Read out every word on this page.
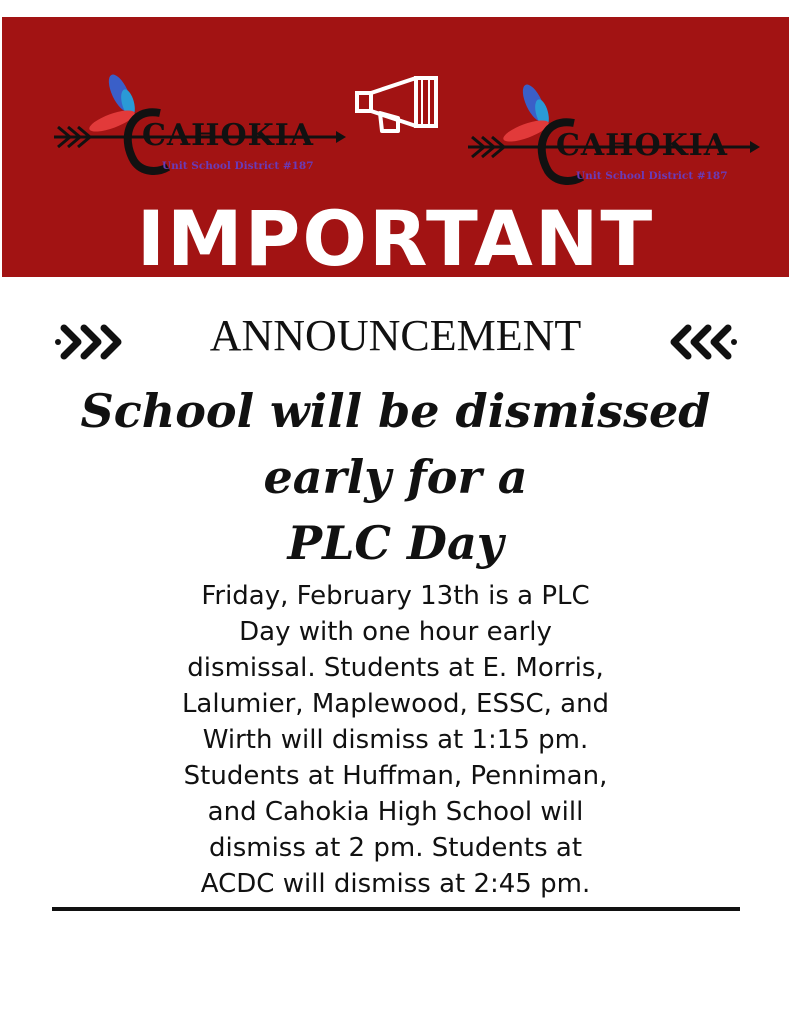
CAHOKIA
Unit School District #187
CAHOKIA
Unit School District #187
IMPORTANT
ANNOUNCEMENT
School will be dismissed
early for a
PLC Day
Friday, February 13th is a PLC
Day with one hour early
dismissal. Students at E. Morris,
Lalumier, Maplewood, ESSC, and
Wirth will dismiss at 1:15 pm.
Students at Huffman, Penniman,
and Cahokia High School will
dismiss at 2 pm. Students at
ACDC will dismiss at 2:45 pm.
